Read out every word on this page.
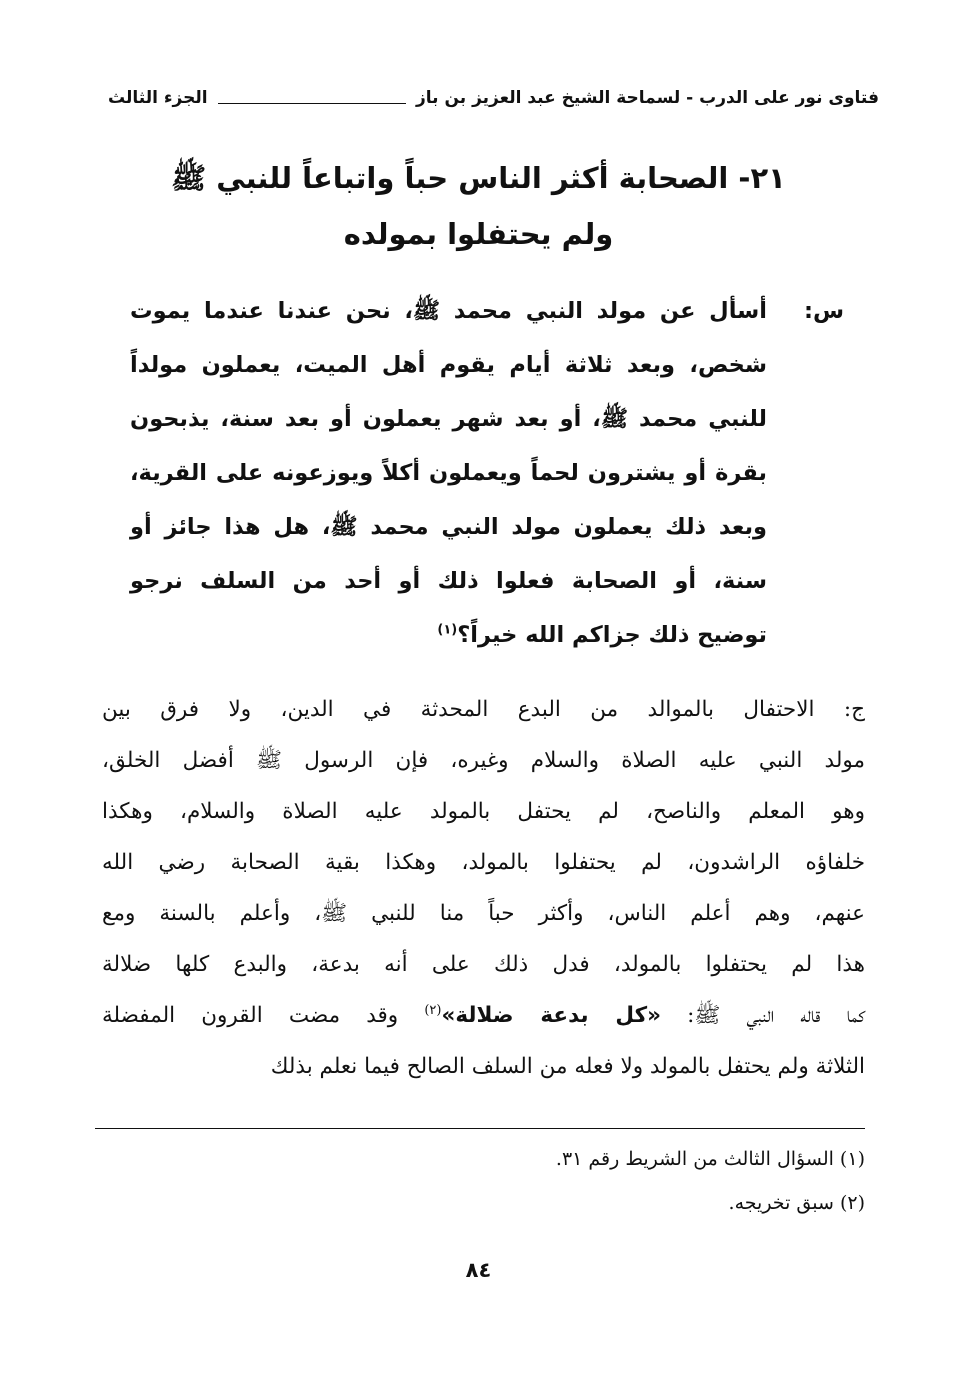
فتاوى نور على الدرب - لسماحة الشيخ عبد العزيز بن باز
الجزء الثالث
٢١- الصحابة أكثر الناس حباً واتباعاً للنبي ﷺ
ولم يحتفلوا بمولده
س:
أسأل عن مولد النبي محمد ﷺ، نحن عندنا عندما يموت
شخص، وبعد ثلاثة أيام يقوم أهل الميت، يعملون مولداً
للنبي محمد ﷺ، أو بعد شهر يعملون أو بعد سنة، يذبحون
بقرة أو يشترون لحماً ويعملون أكلاً ويوزعونه على القرية،
وبعد ذلك يعملون مولد النبي محمد ﷺ، هل هذا جائز أو
سنة، أو الصحابة فعلوا ذلك أو أحد من السلف نرجو
توضيح ذلك جزاكم الله خيراً؟$^{(١)}$
ج: الاحتفال بالموالد من البدع المحدثة في الدين، ولا فرق بين
مولد النبي عليه الصلاة والسلام وغيره، فإن الرسول ﷺ أفضل الخلق،
وهو المعلم والناصح، لم يحتفل بالمولد عليه الصلاة والسلام، وهكذا
خلفاؤه الراشدون، لم يحتفلوا بالمولد، وهكذا بقية الصحابة رضي الله
عنهم، وهم أعلم الناس، وأكثر حباً منا للنبي ﷺ، وأعلم بالسنة ومع
هذا لم يحتفلوا بالمولد، فدل ذلك على أنه بدعة، والبدع كلها ضلالة
كما قاله النبي ﷺ: «كل بدعة ضلالة»$^{(٢)}$ وقد مضت القرون المفضلة
الثلاثة ولم يحتفل بالمولد ولا فعله من السلف الصالح فيما نعلم بذلك
(١) السؤال الثالث من الشريط رقم ٣١.
(٢) سبق تخريجه.
٨٤
